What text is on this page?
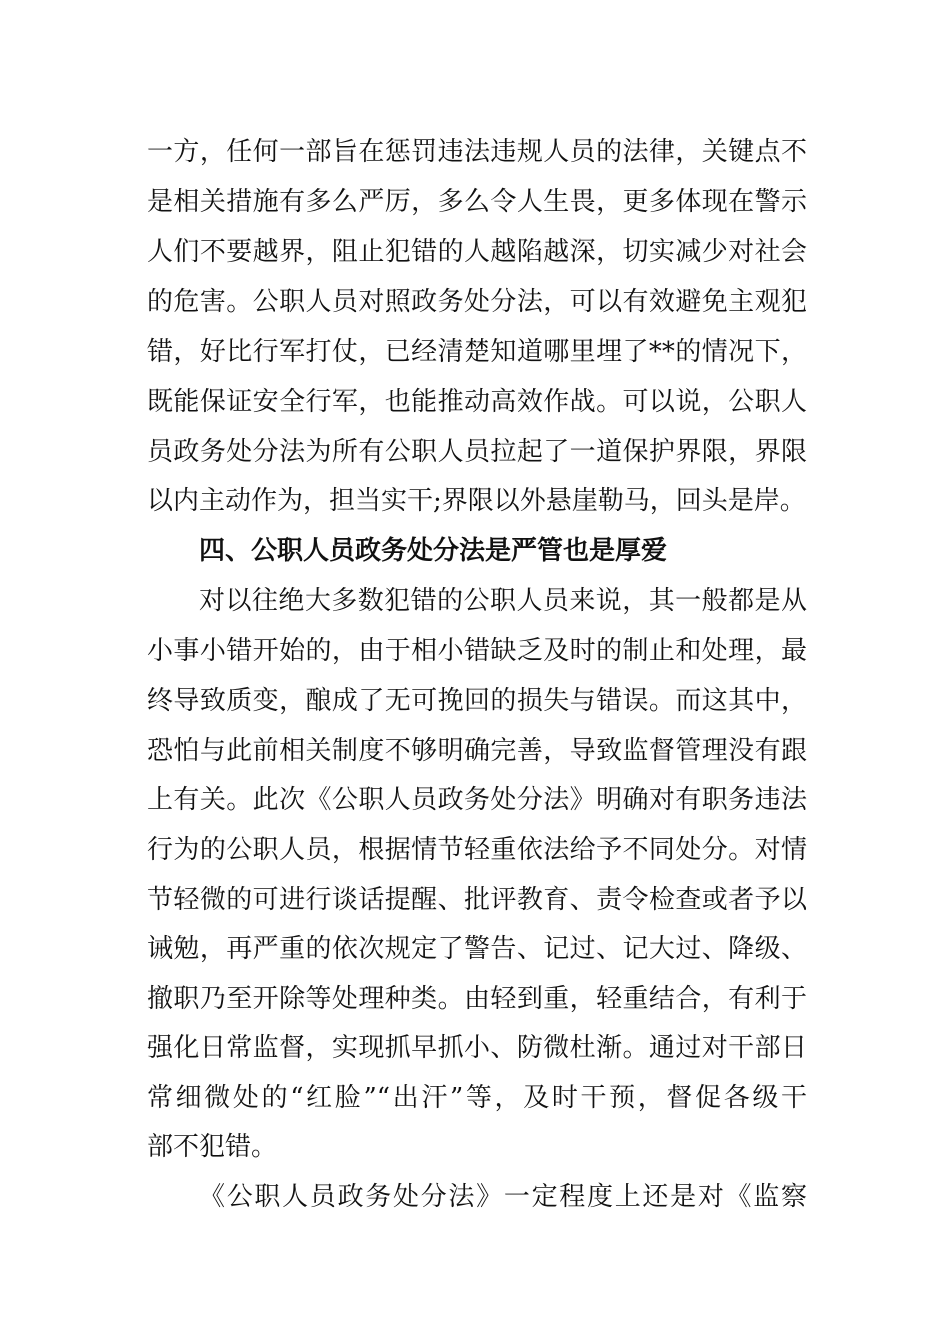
一方，任何一部旨在惩罚违法违规人员的法律，关键点不
是相关措施有多么严厉，多么令人生畏，更多体现在警示
人们不要越界，阻止犯错的人越陷越深，切实减少对社会
的危害。公职人员对照政务处分法，可以有效避免主观犯
错，好比行军打仗，已经清楚知道哪里埋了**的情况下，
既能保证安全行军，也能推动高效作战。可以说，公职人
员政务处分法为所有公职人员拉起了一道保护界限，界限
以内主动作为，担当实干;界限以外悬崖勒马，回头是岸。
四、公职人员政务处分法是严管也是厚爱
对以往绝大多数犯错的公职人员来说，其一般都是从
小事小错开始的，由于相小错缺乏及时的制止和处理，最
终导致质变，酿成了无可挽回的损失与错误。而这其中，
恐怕与此前相关制度不够明确完善，导致监督管理没有跟
上有关。此次《公职人员政务处分法》明确对有职务违法
行为的公职人员，根据情节轻重依法给予不同处分。对情
节轻微的可进行谈话提醒、批评教育、责令检查或者予以
诫勉，再严重的依次规定了警告、记过、记大过、降级、
撤职乃至开除等处理种类。由轻到重，轻重结合，有利于
强化日常监督，实现抓早抓小、防微杜渐。通过对干部日
常细微处的“红脸”“出汗”等，及时干预，督促各级干
部不犯错。
《公职人员政务处分法》一定程度上还是对《监察
